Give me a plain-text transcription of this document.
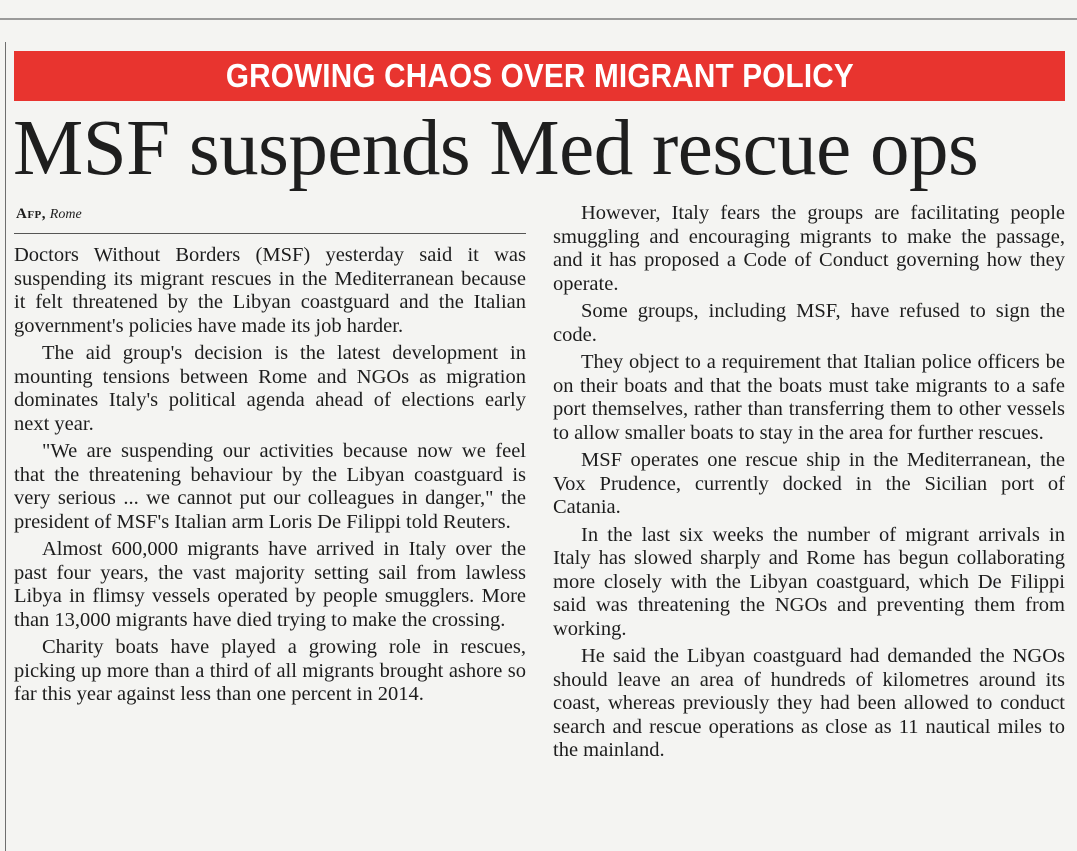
GROWING CHAOS OVER MIGRANT POLICY
MSF suspends Med rescue ops
Afp, Rome

Doctors Without Borders (MSF) yesterday said it was suspending its migrant rescues in the Mediterranean because it felt threatened by the Libyan coastguard and the Italian government's policies have made its job harder.

The aid group's decision is the latest development in mounting tensions between Rome and NGOs as migration dominates Italy's political agenda ahead of elections early next year.

"We are suspending our activities because now we feel that the threatening behaviour by the Libyan coastguard is very serious ... we cannot put our colleagues in danger," the president of MSF's Italian arm Loris De Filippi told Reuters.

Almost 600,000 migrants have arrived in Italy over the past four years, the vast majority setting sail from lawless Libya in flimsy vessels operated by people smugglers. More than 13,000 migrants have died trying to make the crossing.

Charity boats have played a growing role in rescues, picking up more than a third of all migrants brought ashore so far this year against less than one percent in 2014.

However, Italy fears the groups are facilitating people smuggling and encouraging migrants to make the passage, and it has proposed a Code of Conduct governing how they operate.

Some groups, including MSF, have refused to sign the code.

They object to a requirement that Italian police officers be on their boats and that the boats must take migrants to a safe port themselves, rather than transferring them to other vessels to allow smaller boats to stay in the area for further rescues.

MSF operates one rescue ship in the Mediterranean, the Vox Prudence, currently docked in the Sicilian port of Catania.

In the last six weeks the number of migrant arrivals in Italy has slowed sharply and Rome has begun collaborating more closely with the Libyan coastguard, which De Filippi said was threatening the NGOs and preventing them from working.

He said the Libyan coastguard had demanded the NGOs should leave an area of hundreds of kilometres around its coast, whereas previously they had been allowed to conduct search and rescue operations as close as 11 nautical miles to the mainland.
